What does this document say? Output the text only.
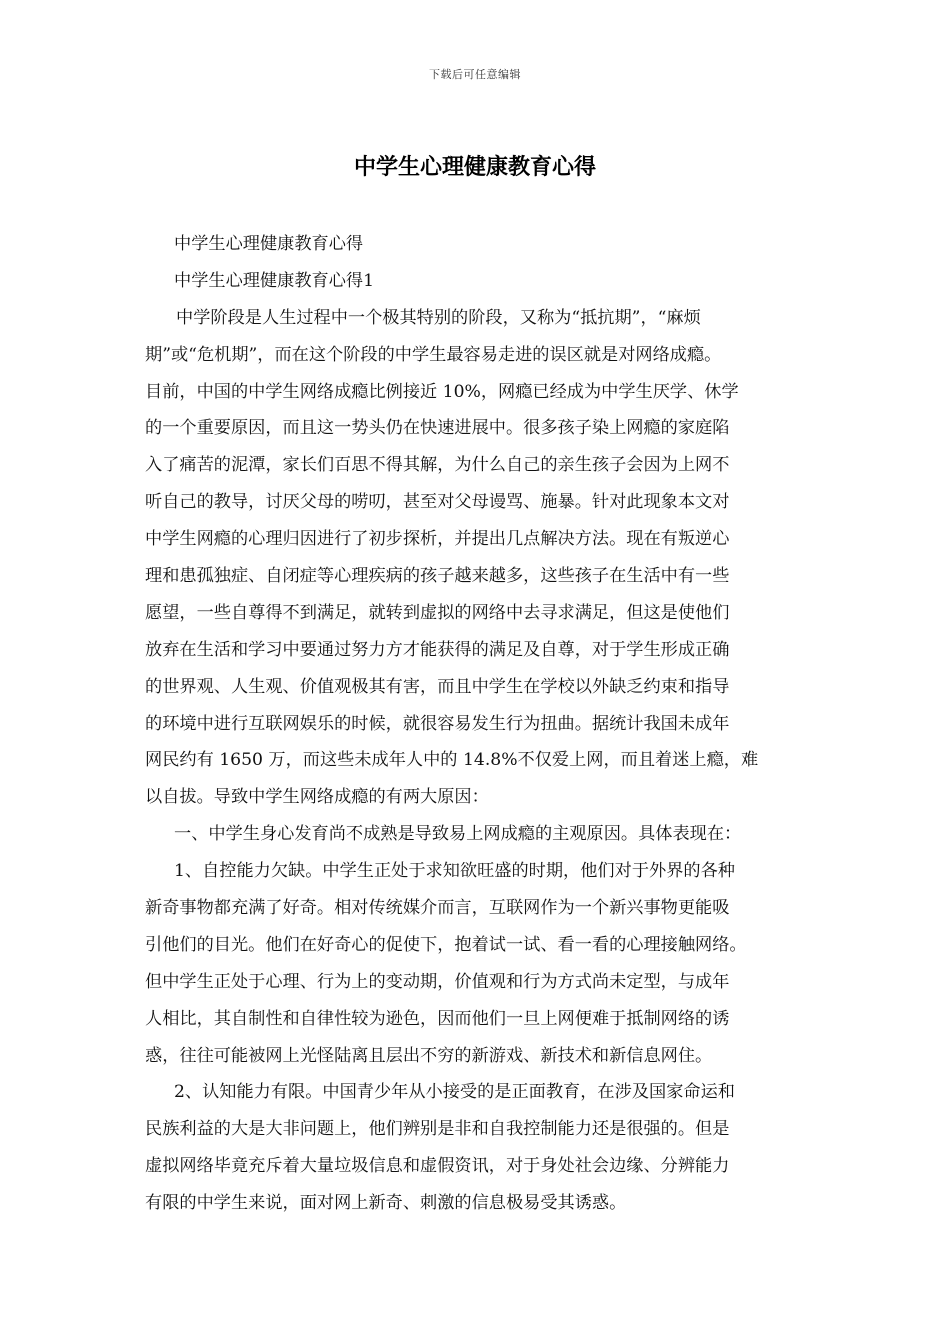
下载后可任意编辑
中学生心理健康教育心得
中学生心理健康教育心得
中学生心理健康教育心得1
中学阶段是人生过程中一个极其特别的阶段，又称为“抵抗期”，“麻烦
期”或“危机期”，而在这个阶段的中学生最容易走进的误区就是对网络成瘾。
目前，中国的中学生网络成瘾比例接近 10%，网瘾已经成为中学生厌学、休学
的一个重要原因，而且这一势头仍在快速进展中。很多孩子染上网瘾的家庭陷
入了痛苦的泥潭，家长们百思不得其解，为什么自己的亲生孩子会因为上网不
听自己的教导，讨厌父母的唠叨，甚至对父母谩骂、施暴。针对此现象本文对
中学生网瘾的心理归因进行了初步探析，并提出几点解决方法。现在有叛逆心
理和患孤独症、自闭症等心理疾病的孩子越来越多，这些孩子在生活中有一些
愿望，一些自尊得不到满足，就转到虚拟的网络中去寻求满足，但这是使他们
放弃在生活和学习中要通过努力方才能获得的满足及自尊，对于学生形成正确
的世界观、人生观、价值观极其有害，而且中学生在学校以外缺乏约束和指导
的环境中进行互联网娱乐的时候，就很容易发生行为扭曲。据统计我国未成年
网民约有 1650 万，而这些未成年人中的 14.8%不仅爱上网，而且着迷上瘾，难
以自拔。导致中学生网络成瘾的有两大原因：
一、中学生身心发育尚不成熟是导致易上网成瘾的主观原因。具体表现在：
1、自控能力欠缺。中学生正处于求知欲旺盛的时期，他们对于外界的各种
新奇事物都充满了好奇。相对传统媒介而言，互联网作为一个新兴事物更能吸
引他们的目光。他们在好奇心的促使下，抱着试一试、看一看的心理接触网络。
但中学生正处于心理、行为上的变动期，价值观和行为方式尚未定型，与成年
人相比，其自制性和自律性较为逊色，因而他们一旦上网便难于抵制网络的诱
惑，往往可能被网上光怪陆离且层出不穷的新游戏、新技术和新信息网住。
2、认知能力有限。中国青少年从小接受的是正面教育，在涉及国家命运和
民族利益的大是大非问题上，他们辨别是非和自我控制能力还是很强的。但是
虚拟网络毕竟充斥着大量垃圾信息和虚假资讯，对于身处社会边缘、分辨能力
有限的中学生来说，面对网上新奇、刺激的信息极易受其诱惑。
